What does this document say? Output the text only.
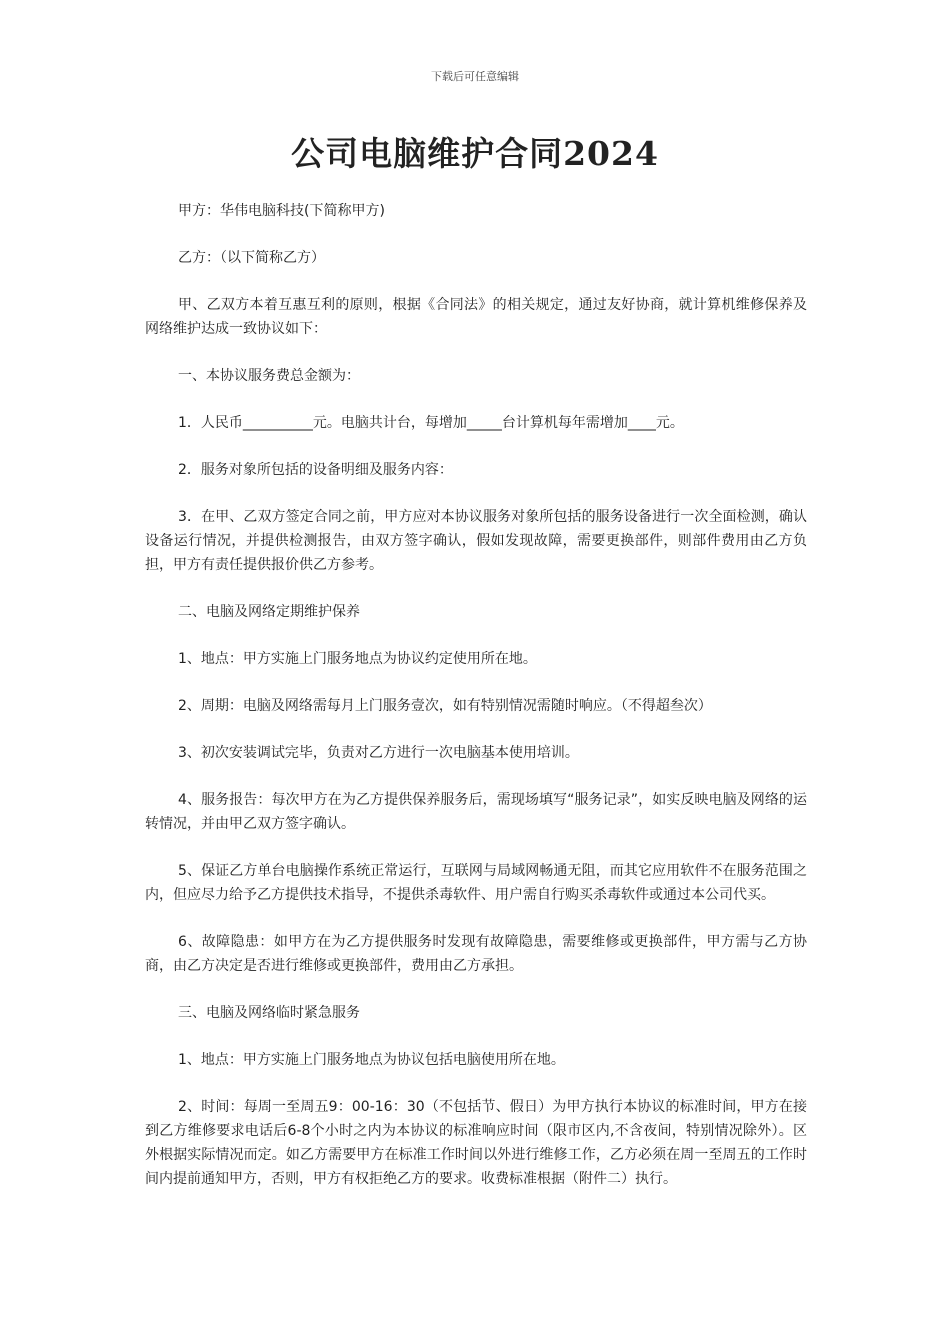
下载后可任意编辑
公司电脑维护合同2024

甲方：华伟电脑科技(下简称甲方)

乙方：（以下简称乙方）

甲、乙双方本着互惠互利的原则，根据《合同法》的相关规定，通过友好协商，就计算机维修保养及网络维护达成一致协议如下：

一、本协议服务费总金额为：

1．人民币__________元。电脑共计台，每增加_____台计算机每年需增加____元。

2．服务对象所包括的设备明细及服务内容：

3．在甲、乙双方签定合同之前，甲方应对本协议服务对象所包括的服务设备进行一次全面检测，确认设备运行情况，并提供检测报告，由双方签字确认，假如发现故障，需要更换部件，则部件费用由乙方负担，甲方有责任提供报价供乙方参考。

二、电脑及网络定期维护保养

1、地点：甲方实施上门服务地点为协议约定使用所在地。

2、周期：电脑及网络需每月上门服务壹次，如有特别情况需随时响应。（不得超叁次）

3、初次安装调试完毕，负责对乙方进行一次电脑基本使用培训。

4、服务报告：每次甲方在为乙方提供保养服务后，需现场填写“服务记录”，如实反映电脑及网络的运转情况，并由甲乙双方签字确认。

5、保证乙方单台电脑操作系统正常运行，互联网与局域网畅通无阻，而其它应用软件不在服务范围之内，但应尽力给予乙方提供技术指导，不提供杀毒软件、用户需自行购买杀毒软件或通过本公司代买。

6、故障隐患：如甲方在为乙方提供服务时发现有故障隐患，需要维修或更换部件，甲方需与乙方协商，由乙方决定是否进行维修或更换部件，费用由乙方承担。

三、电脑及网络临时紧急服务

1、地点：甲方实施上门服务地点为协议包括电脑使用所在地。

2、时间：每周一至周五9：00-16：30（不包括节、假日）为甲方执行本协议的标准时间，甲方在接到乙方维修要求电话后6-8个小时之内为本协议的标准响应时间（限市区内,不含夜间，特别情况除外）。区外根据实际情况而定。如乙方需要甲方在标准工作时间以外进行维修工作，乙方必须在周一至周五的工作时间内提前通知甲方，否则，甲方有权拒绝乙方的要求。收费标准根据（附件二）执行。
